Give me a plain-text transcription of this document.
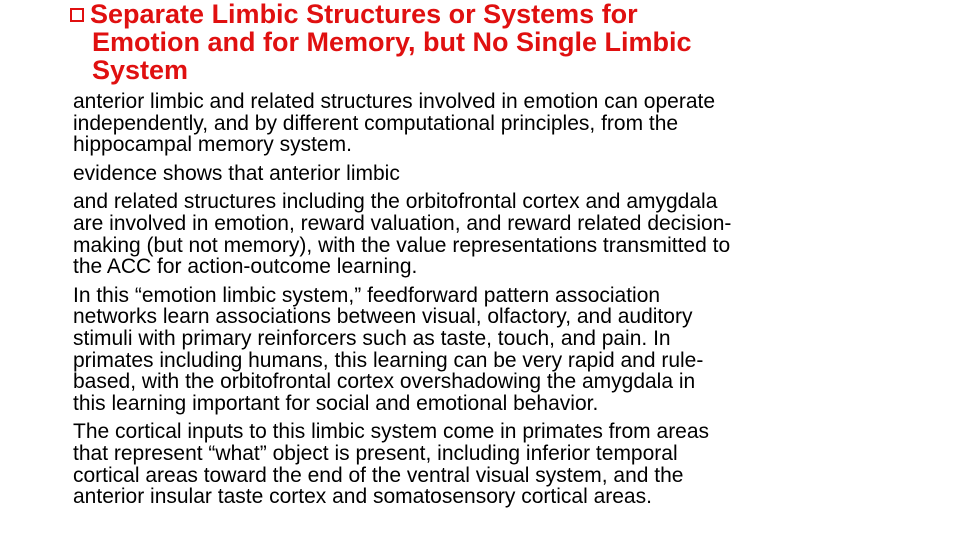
Separate Limbic Structures or Systems for
Emotion and for Memory, but No Single Limbic
System
anterior limbic and related structures involved in emotion can operate
independently, and by different computational principles, from the
hippocampal memory system.
evidence shows that anterior limbic
and related structures including the orbitofrontal cortex and amygdala
are involved in emotion, reward valuation, and reward related decision-
making (but not memory), with the value representations transmitted to
the ACC for action-outcome learning.
In this “emotion limbic system,” feedforward pattern association
networks learn associations between visual, olfactory, and auditory
stimuli with primary reinforcers such as taste, touch, and pain. In
primates including humans, this learning can be very rapid and rule-
based, with the orbitofrontal cortex overshadowing the amygdala in
this learning important for social and emotional behavior.
The cortical inputs to this limbic system come in primates from areas
that represent “what” object is present, including inferior temporal
cortical areas toward the end of the ventral visual system, and the
anterior insular taste cortex and somatosensory cortical areas.
